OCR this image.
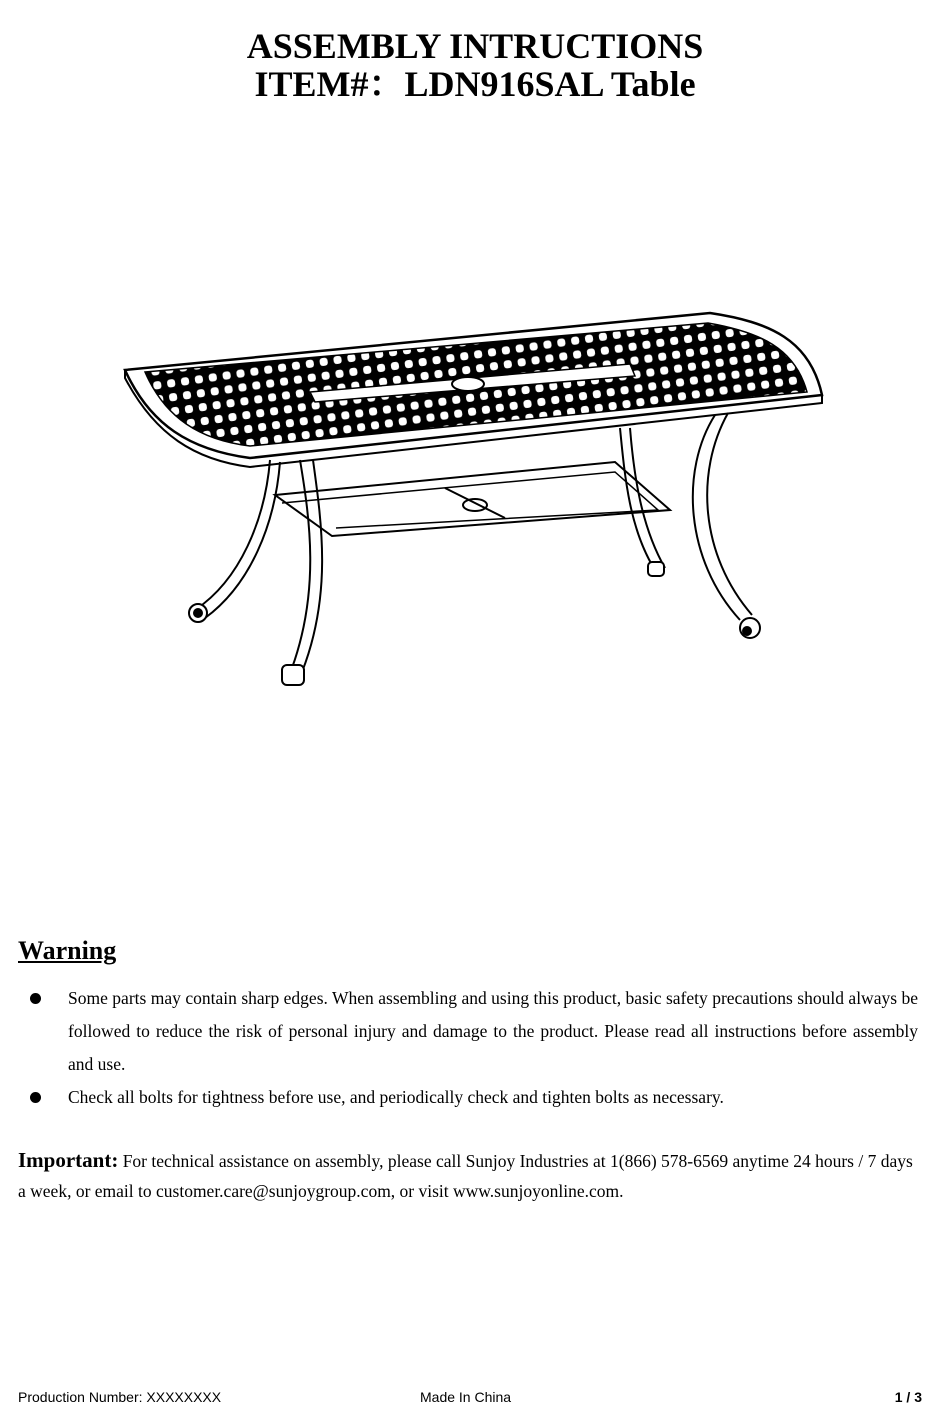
ASSEMBLY INTRUCTIONS
ITEM#：LDN916SAL Table
Warning
Some parts may contain sharp edges. When assembling and using this product, basic safety precautions should always be followed to reduce the risk of personal injury and damage to the product. Please read all instructions before assembly and use.
Check all bolts for tightness before use, and periodically check and tighten bolts as necessary.
Important: For technical assistance on assembly, please call Sunjoy Industries at 1(866) 578-6569 anytime 24 hours / 7 days a week, or email to customer.care@sunjoygroup.com, or visit www.sunjoyonline.com.
Production Number: XXXXXXXX	Made In China	1 / 3
